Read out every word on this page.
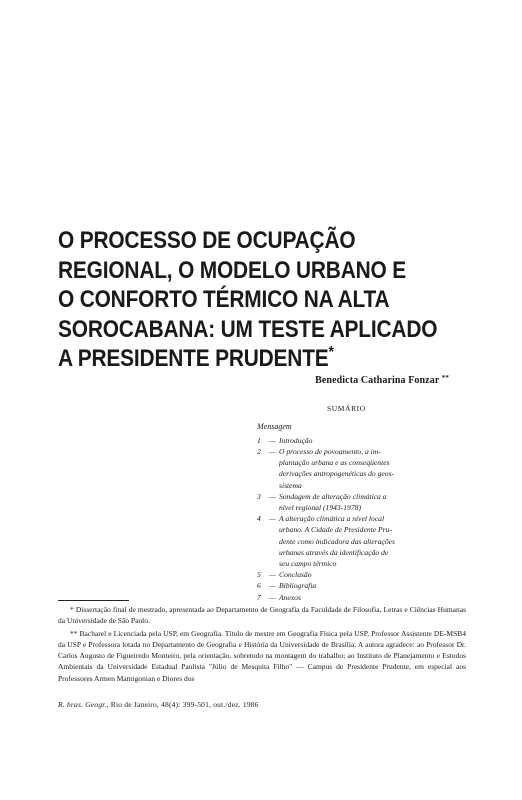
O PROCESSO DE OCUPAÇÃO
REGIONAL, O MODELO URBANO E
O CONFORTO TÉRMICO NA ALTA
SOROCABANA: UM TESTE APLICADO
A PRESIDENTE PRUDENTE*
Benedicta Catharina Fonzar **
SUMÁRIO
Mensagem
1	— Introdução
2	— O processo de povoamento, a im-
plantação urbana e as conseqüentes
derivações antropogenéticas do geos-
sistema
3	— Sondagem de alteração climática a
nível regional (1943-1978)
4	— A alteração climática a nível local
urbano. A Cidade de Presidente Pru-
dente como indicadora das alterações
urbanas através da identificação de
seu campo térmico
5	— Conclusão
6	— Bibliografia
7	— Anexos

* Dissertação final de mestrado, apresentada ao Departamento de Geografia da Faculdade de Filosofia, Letras e Ciências Humanas da Universidade de São Paulo.

** Bacharel e Licenciada pela USP, em Geografia. Título de mestre em Geografia Física pela USP, Professor Assistente DE-MSB4 da USP e Professora lotada no Departamento de Geografia e História da Universidade de Brasília. A autora agradece: ao Professor Dr. Carlos Augusto de Figueiredo Monteiro, pela orientação, sobretudo na montagem do trabalho; ao Instituto de Planejamento e Estudos Ambientais da Universidade Estadual Paulista "Júlio de Mesquita Filho" — Campus de Presidente Prudente, em especial aos Professores Armen Mamigonian e Diores dos

R. bras. Geogr., Rio de Janeiro, 48(4): 399-501, out./dez. 1986
